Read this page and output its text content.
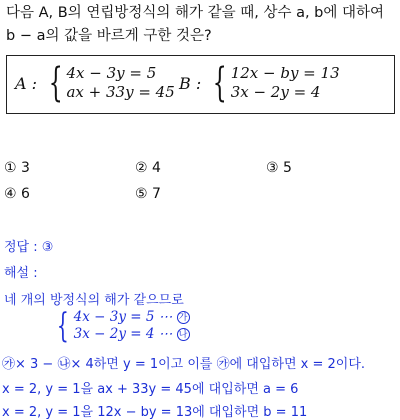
다음 A, B의 연립방정식의 해가 같을 때, 상수 a, b에 대하여
b − a의 값을 바르게 구한 것은?
A : { 4x − 3y = 5
ax + 33y = 45 B : { 12x − by = 13
3x − 2y = 4
① 3	② 4	③ 5
④ 6	⑤ 7
정답 : ③
해설 :
네 개의 방정식의 해가 같으므로
{ 4x − 3y = 5 ⋯ 가
3x − 2y = 4 ⋯ 나
㉮× 3 − ㉯× 4하면 y = 1이고 이를 ㉮에 대입하면 x = 2이다.
x = 2, y = 1을 ax + 33y = 45에 대입하면 a = 6
x = 2, y = 1을 12x − by = 13에 대입하면 b = 11
